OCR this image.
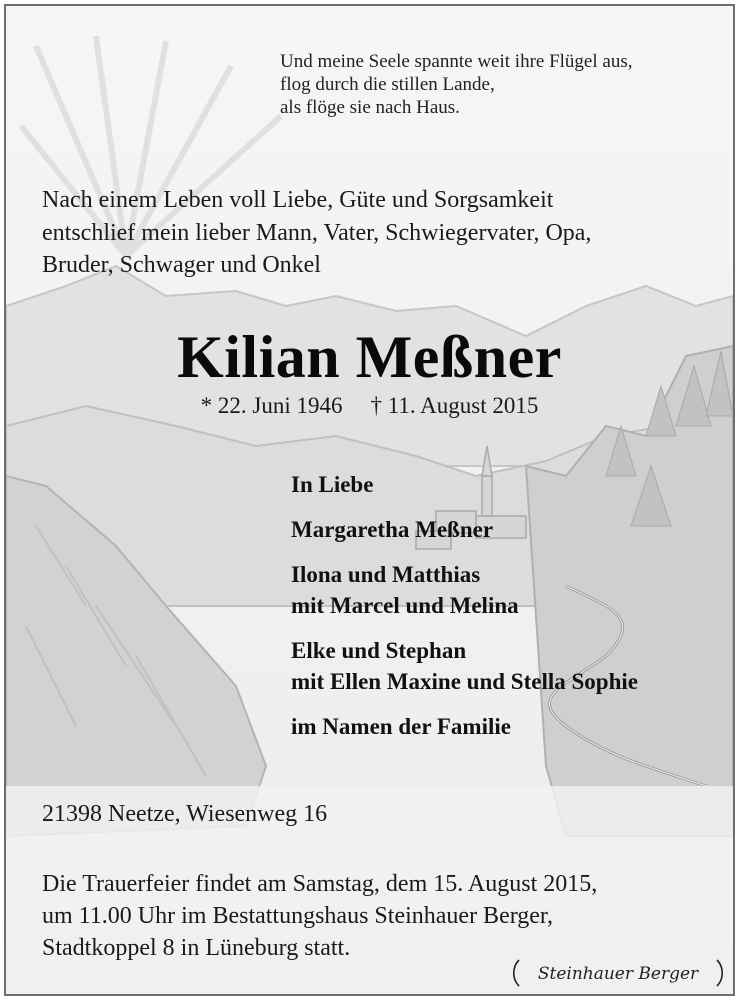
Und meine Seele spannte weit ihre Flügel aus,
flog durch die stillen Lande,
als flöge sie nach Haus.
Nach einem Leben voll Liebe, Güte und Sorgsamkeit
entschlief mein lieber Mann, Vater, Schwiegervater, Opa,
Bruder, Schwager und Onkel
Kilian Meßner
* 22. Juni 1946 † 11. August 2015
In Liebe
Margaretha Meßner
Ilona und Matthias
mit Marcel und Melina
Elke und Stephan
mit Ellen Maxine und Stella Sophie
im Namen der Familie
21398 Neetze, Wiesenweg 16
Die Trauerfeier findet am Samstag, dem 15. August 2015,
um 11.00 Uhr im Bestattungshaus Steinhauer Berger,
Stadtkoppel 8 in Lüneburg statt.
Steinhauer Berger
